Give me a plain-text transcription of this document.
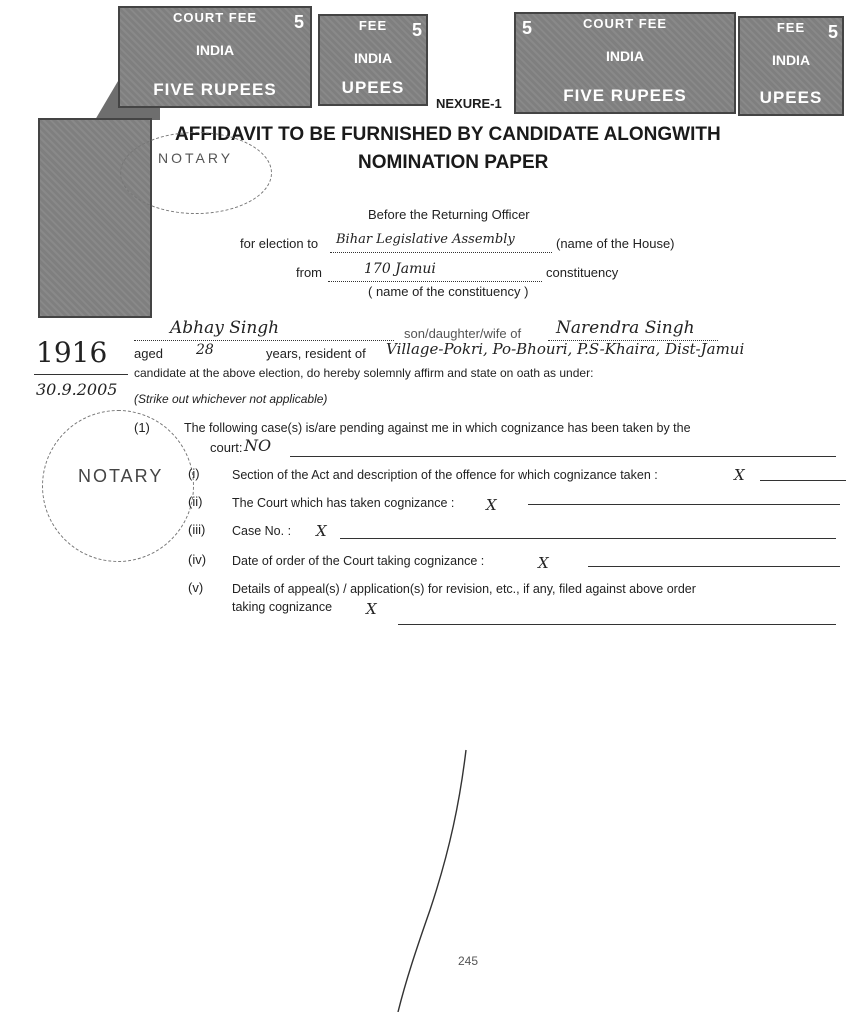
COURT FEE
INDIA
5
FIVE RUPEES
FEE
INDIA
5
UPEES
5	COURT FEE
INDIA
FIVE RUPEES
FEE
INDIA
5
UPEES
NEXURE-1
AFFIDAVIT TO BE FURNISHED BY CANDIDATE ALONGWITH
NOMINATION PAPER
NOTARY
Before the Returning Officer
for election to Bihar Legislative Assembly	(name of the House)
from	170 Jamui	constituency
( name of the constituency )
Abhay Singh	son/daughter/wife of Narendra Singh
1916
30.9.2005
aged 28	years, resident of Village-Pokri, Po-Bhouri, P.S-Khaira, Dist-Jamui
candidate at the above election, do hereby solemnly affirm and state on oath as under:
(Strike out whichever not applicable)
(1)	The following case(s) is/are pending against me in which cognizance has been taken by the
court: NO
NOTARY (i)	Section of the Act and description of the offence for which cognizance taken :	X
(ii) The Court which has taken cognizance : X
(iii) Case No. : X
(iv) Date of order of the Court taking cognizance :	X
(v) Details of appeal(s) / application(s) for revision, etc., if any, filed against above order
taking cognizance X
245
